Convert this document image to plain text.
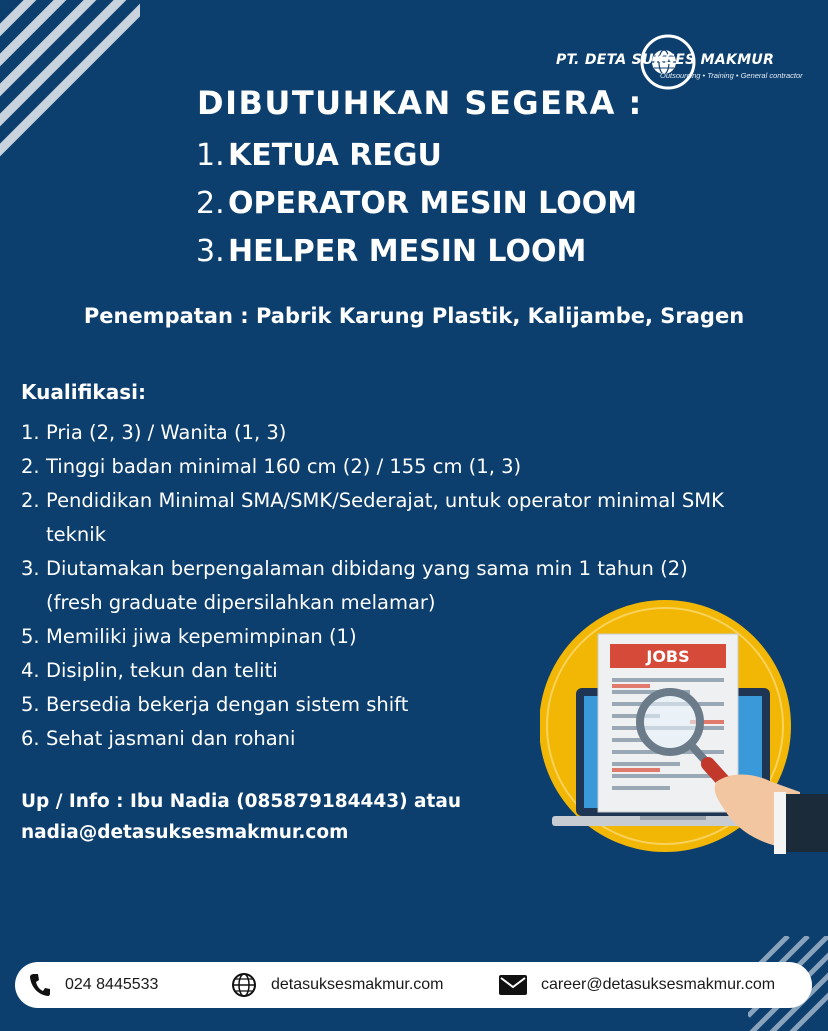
PT. DETA SUKSES MAKMUR
Outsourcing • Training • General contractor
DIBUTUHKAN SEGERA :
1. KETUA REGU
2. OPERATOR MESIN LOOM
3. HELPER MESIN LOOM
Penempatan : Pabrik Karung Plastik, Kalijambe, Sragen
Kualifikasi:
1. Pria (2, 3) / Wanita (1, 3)
2. Tinggi badan minimal 160 cm (2) / 155 cm (1, 3)
2. Pendidikan Minimal SMA/SMK/Sederajat, untuk operator minimal SMK teknik
3. Diutamakan berpengalaman dibidang yang sama min 1 tahun (2) (fresh graduate dipersilahkan melamar)
5. Memiliki jiwa kepemimpinan (1)
4. Disiplin, tekun dan teliti
5. Bersedia bekerja dengan sistem shift
6. Sehat jasmani dan rohani
Up / Info : Ibu Nadia (085879184443) atau
nadia@detasuksesmakmur.com
JOBS
024 8445533	detasuksesmakmur.com	career@detasuksesmakmur.com
